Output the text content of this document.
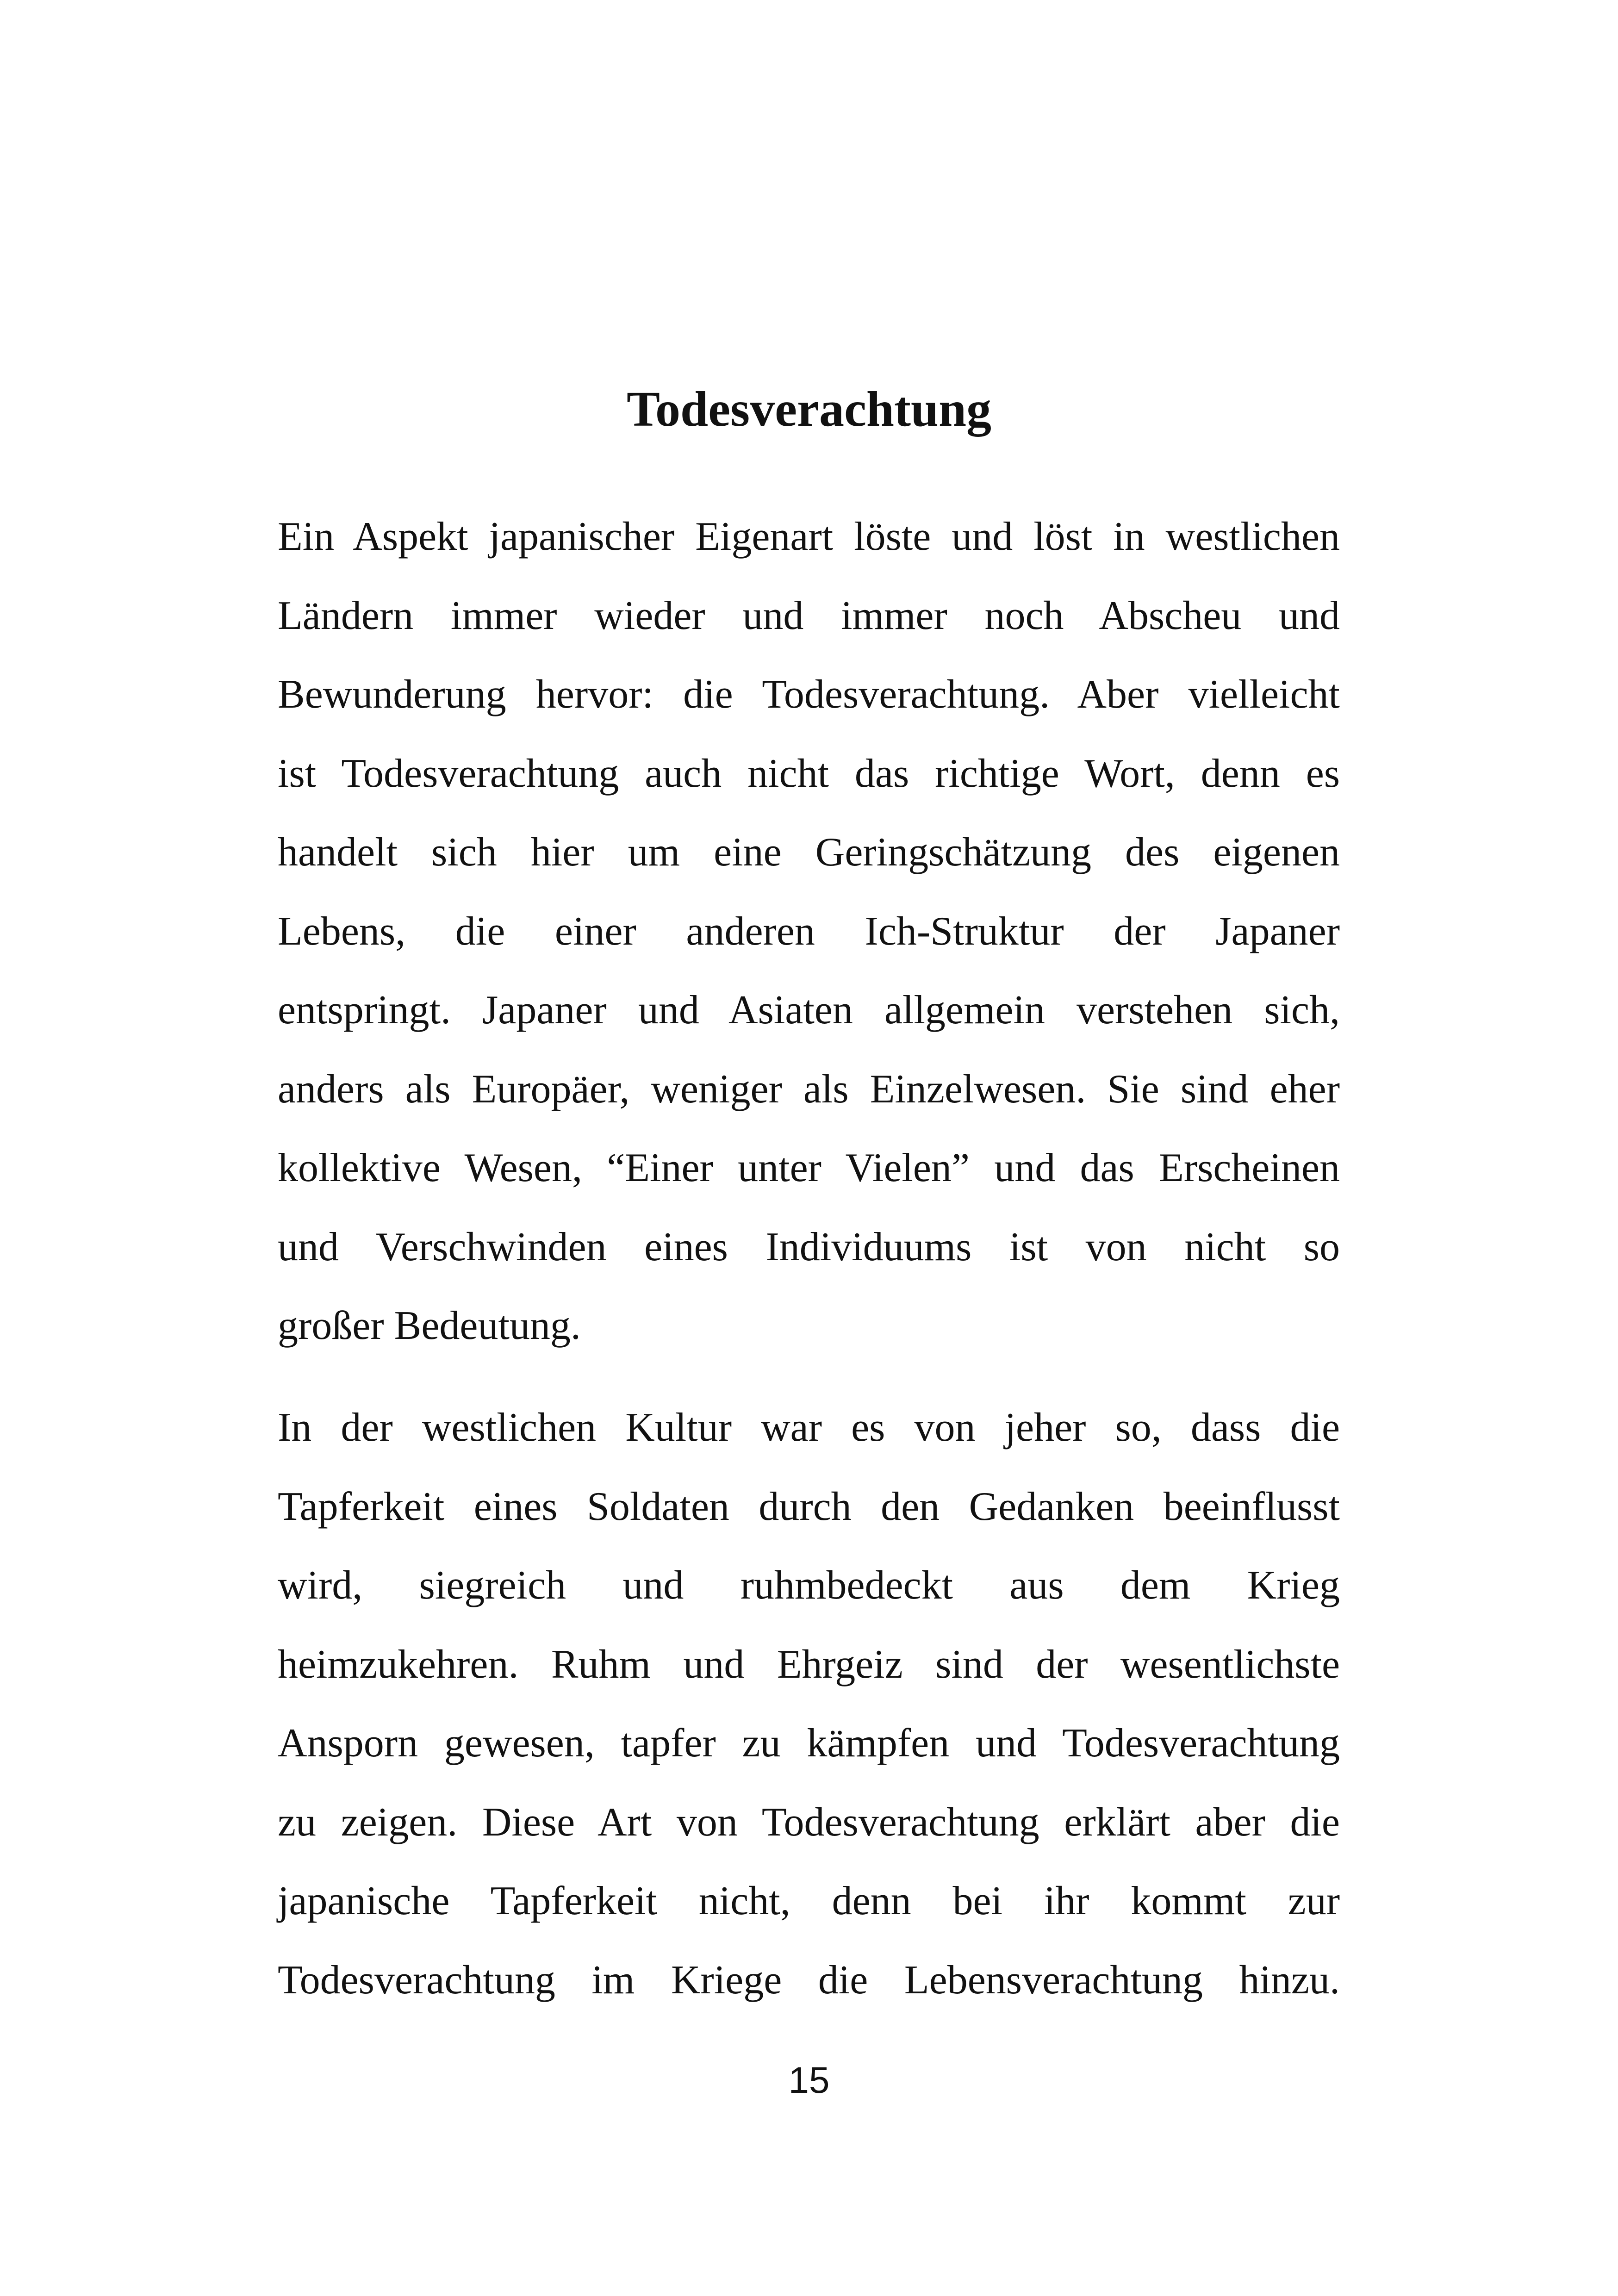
Todesverachtung
Ein Aspekt japanischer Eigenart löste und löst in westlichen
Ländern immer wieder und immer noch Abscheu und
Bewunderung hervor: die Todesverachtung. Aber vielleicht
ist Todesverachtung auch nicht das richtige Wort, denn es
handelt sich hier um eine Geringschätzung des eigenen
Lebens, die einer anderen Ich-Struktur der Japaner
entspringt. Japaner und Asiaten allgemein verstehen sich,
anders als Europäer, weniger als Einzelwesen. Sie sind eher
kollektive Wesen, “Einer unter Vielen” und das Erscheinen
und Verschwinden eines Individuums ist von nicht so
großer Bedeutung.
In der westlichen Kultur war es von jeher so, dass die
Tapferkeit eines Soldaten durch den Gedanken beeinflusst
wird, siegreich und ruhmbedeckt aus dem Krieg
heimzukehren. Ruhm und Ehrgeiz sind der wesentlichste
Ansporn gewesen, tapfer zu kämpfen und Todesverachtung
zu zeigen. Diese Art von Todesverachtung erklärt aber die
japanische Tapferkeit nicht, denn bei ihr kommt zur
Todesverachtung im Kriege die Lebensverachtung hinzu.
15
